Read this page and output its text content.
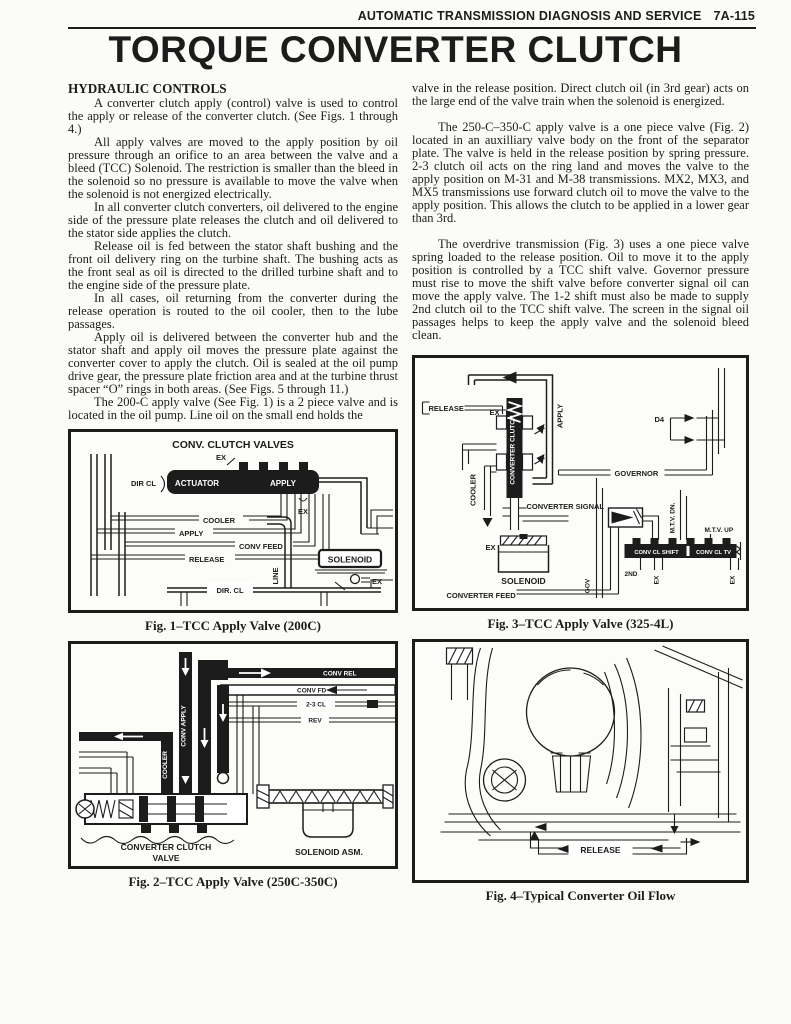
AUTOMATIC TRANSMISSION DIAGNOSIS AND SERVICE 7A-115
TORQUE CONVERTER CLUTCH
HYDRAULIC CONTROLS

A converter clutch apply (control) valve is used to control the apply or release of the converter clutch. (See Figs. 1 through 4.)

All apply valves are moved to the apply position by oil pressure through an orifice to an area between the valve and a bleed (TCC) Solenoid. The restriction is smaller than the bleed in the solenoid so no pressure is available to move the valve when the solenoid is not energized electrically.

In all converter clutch converters, oil delivered to the engine side of the pressure plate releases the clutch and oil delivered to the stator side applies the clutch.

Release oil is fed between the stator shaft bushing and the front oil delivery ring on the turbine shaft. The bushing acts as the front seal as oil is directed to the drilled turbine shaft and to the engine side of the pressure plate.

In all cases, oil returning from the converter during the release operation is routed to the oil cooler, then to the lube passages.

Apply oil is delivered between the converter hub and the stator shaft and apply oil moves the pressure plate against the converter cover to apply the clutch. Oil is sealed at the oil pump drive gear, the pressure plate friction area and at the turbine thrust spacer “O” rings in both areas. (See Figs. 5 through 11.)

The 200-C apply valve (See Fig. 1) is a 2 piece valve and is located in the oil pump. Line oil on the small end holds the

CONV. CLUTCH VALVES
ACTUATOR	APPLY
EX
DIR CL
COOLER
APPLY
CONV FEED
RELEASE
EX
LINE
SOLENOID
EX
DIR. CL
Fig. 1–TCC Apply Valve (200C)
CONV REL
CONV FD
2-3 CL
REV
COOLER
CONV APPLY
CONVERTER CLUTCH
VALVE
SOLENOID ASM.
Fig. 2–TCC Apply Valve (250C-350C)

valve in the release position. Direct clutch oil (in 3rd gear) acts on the large end of the valve train when the solenoid is energized.

The 250-C–350-C apply valve is a one piece valve (Fig. 2) located in an auxilliary valve body on the front of the separator plate. The valve is held in the release position by spring pressure. 2-3 clutch oil acts on the ring land and moves the valve to the apply position on M-31 and M-38 transmissions. MX2, MX3, and MX5 transmissions use forward clutch oil to move the valve to the apply position. This allows the clutch to be applied in a lower gear than 3rd.

The overdrive transmission (Fig. 3) uses a one piece valve spring loaded to the release position. Oil to move it to the apply position is controlled by a TCC shift valve. Governor pressure must rise to move the shift valve before converter signal oil can move the apply valve. The 1-2 shift must also be made to supply 2nd clutch oil to the TCC shift valve. The screen in the signal oil passages helps to keep the apply valve and the solenoid bleed clean.

CONVERTER CLUTCH
RELEASE	EX	APPLY
COOLER
EX
SOLENOID
CONVERTER FEED
GOV
GOVERNOR
D4
CONVERTER SIGNAL
CONV CL SHIFT	CONV CL TV
M.T.V. DN.	M.T.V. UP
2ND
EX	EX
Fig. 3–TCC Apply Valve (325-4L)
RELEASE
Fig. 4–Typical Converter Oil Flow
